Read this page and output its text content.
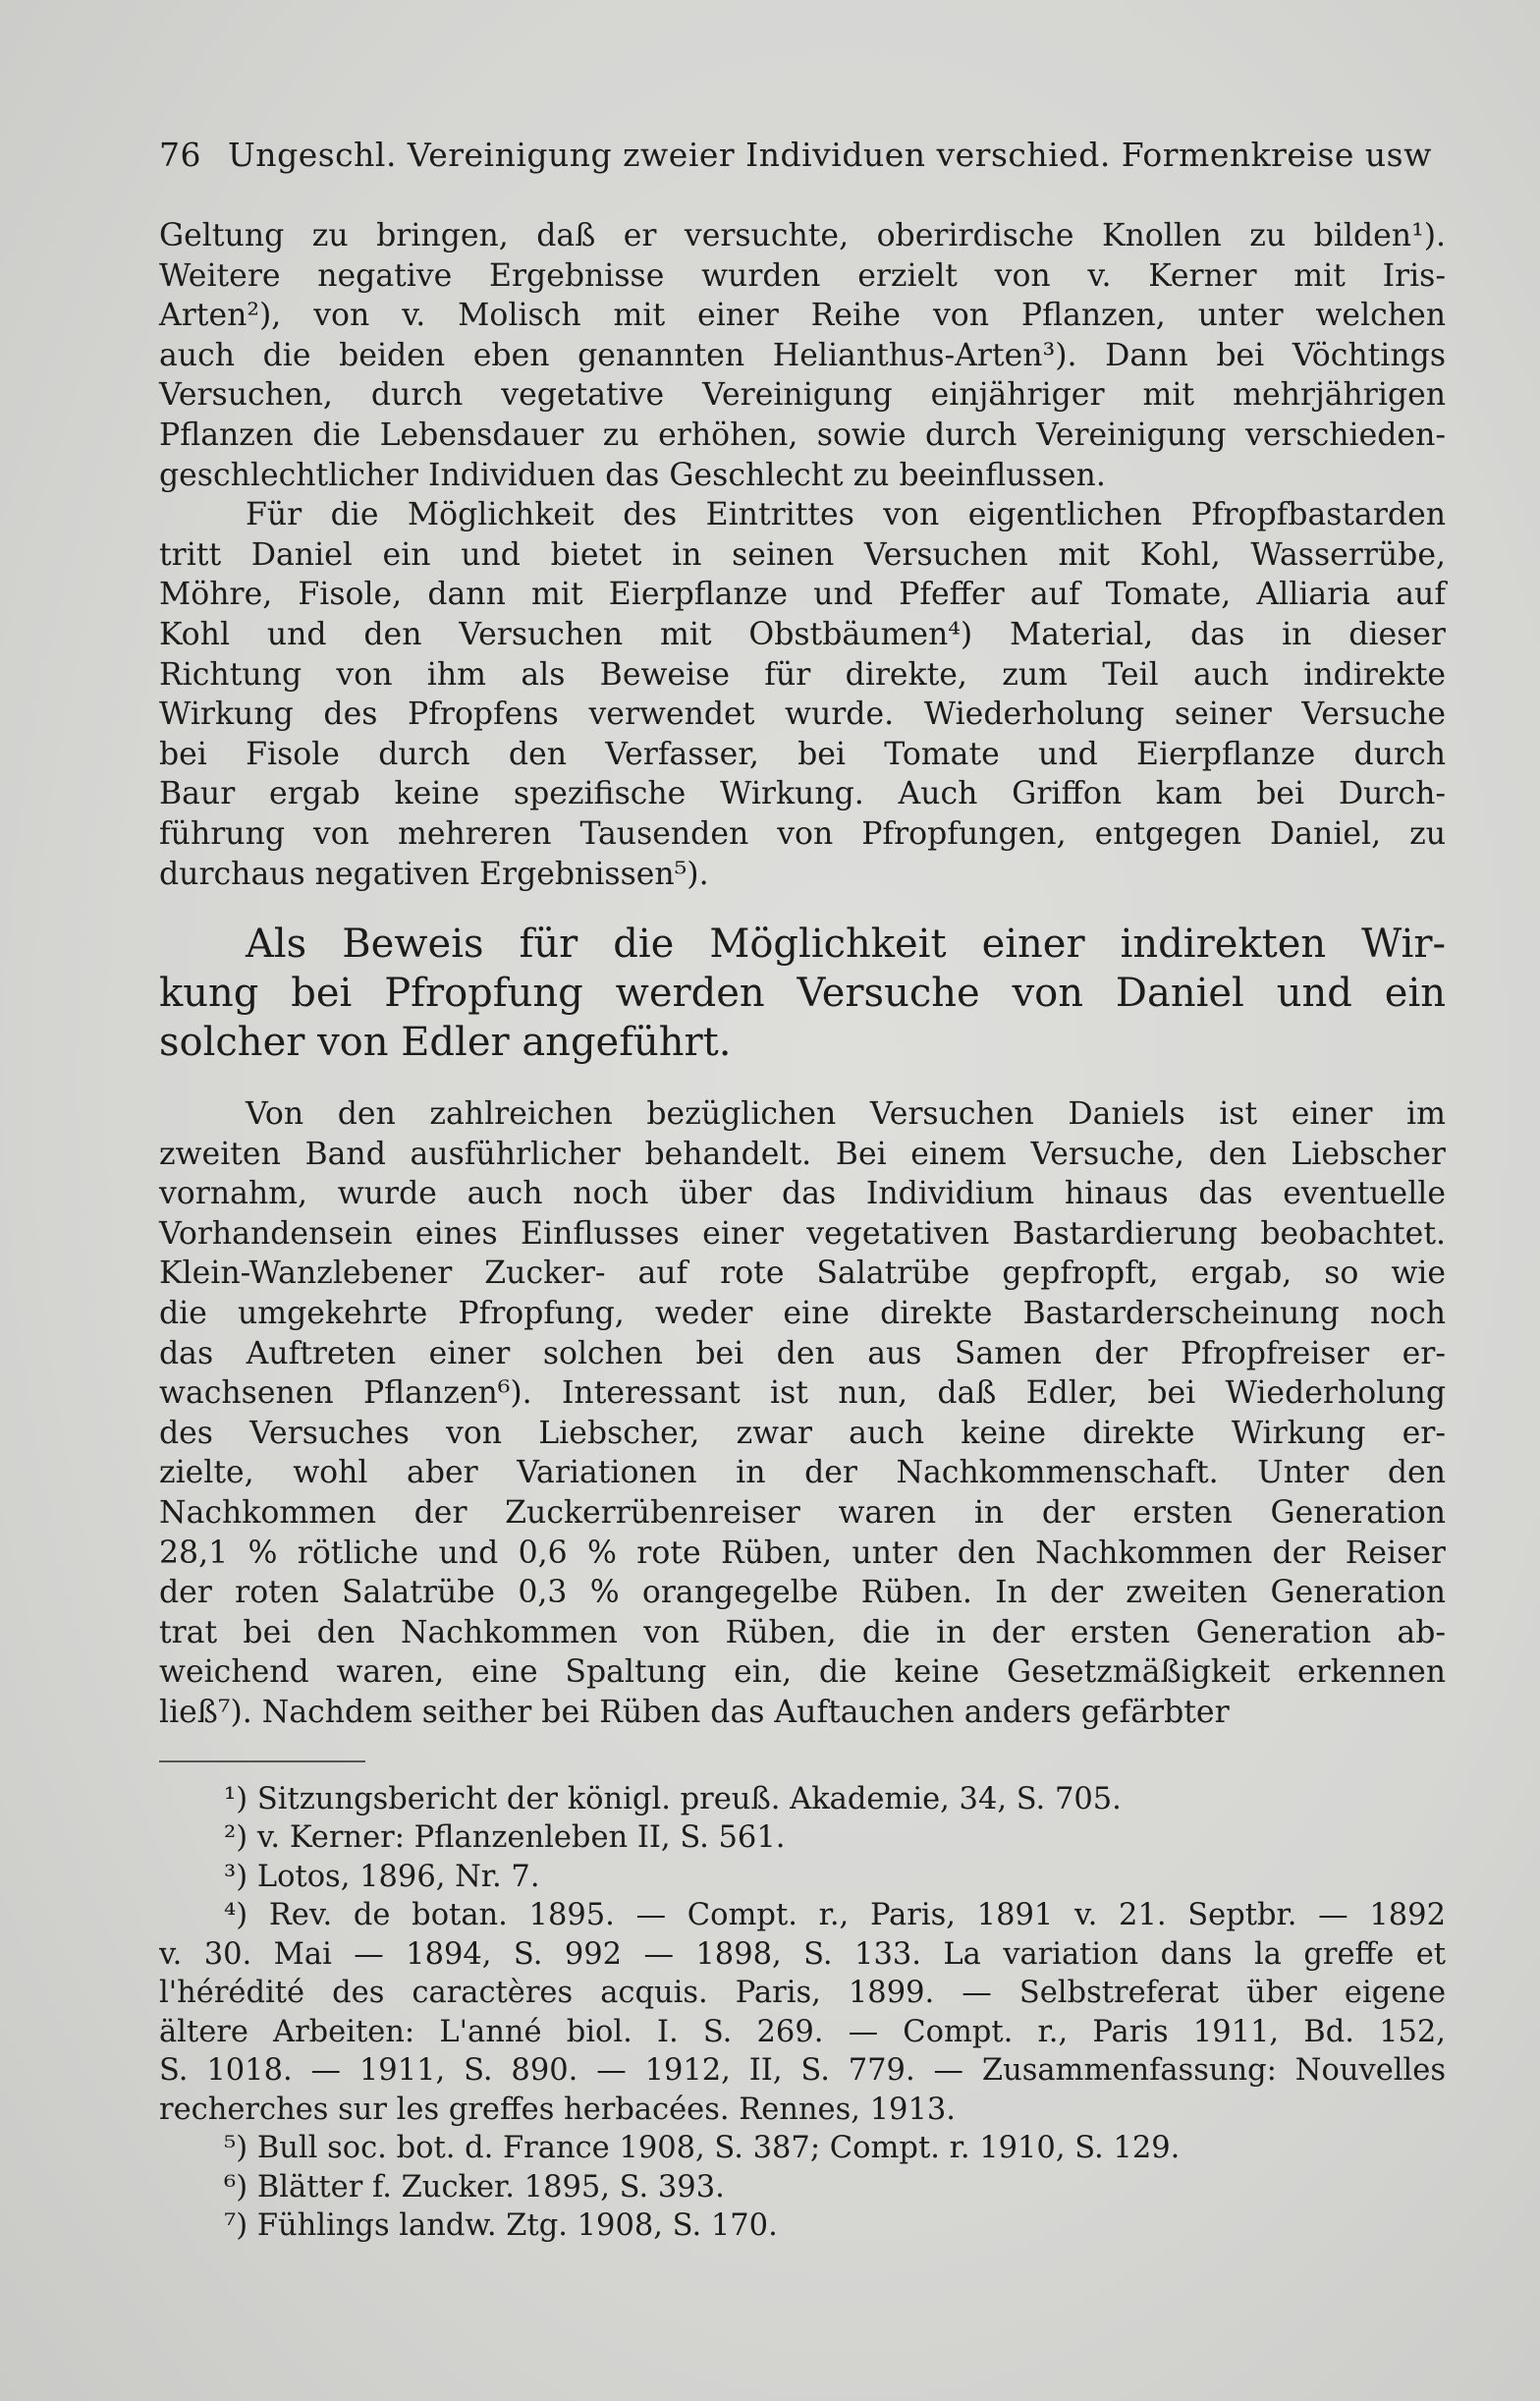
76 Ungeschl. Vereinigung zweier Individuen verschied. Formenkreise usw
Geltung zu bringen, daß er versuchte, oberirdische Knollen zu bilden¹).
Weitere negative Ergebnisse wurden erzielt von v. Kerner mit Iris-
Arten²), von v. Molisch mit einer Reihe von Pflanzen, unter welchen
auch die beiden eben genannten Helianthus-Arten³). Dann bei Vöchtings
Versuchen, durch vegetative Vereinigung einjähriger mit mehrjährigen
Pflanzen die Lebensdauer zu erhöhen, sowie durch Vereinigung verschieden-
geschlechtlicher Individuen das Geschlecht zu beeinflussen.
Für die Möglichkeit des Eintrittes von eigentlichen Pfropfbastarden
tritt Daniel ein und bietet in seinen Versuchen mit Kohl, Wasserrübe,
Möhre, Fisole, dann mit Eierpflanze und Pfeffer auf Tomate, Alliaria auf
Kohl und den Versuchen mit Obstbäumen⁴) Material, das in dieser
Richtung von ihm als Beweise für direkte, zum Teil auch indirekte
Wirkung des Pfropfens verwendet wurde. Wiederholung seiner Versuche
bei Fisole durch den Verfasser, bei Tomate und Eierpflanze durch
Baur ergab keine spezifische Wirkung. Auch Griffon kam bei Durch-
führung von mehreren Tausenden von Pfropfungen, entgegen Daniel, zu
durchaus negativen Ergebnissen⁵).
Als Beweis für die Möglichkeit einer indirekten Wir-
kung bei Pfropfung werden Versuche von Daniel und ein
solcher von Edler angeführt.
Von den zahlreichen bezüglichen Versuchen Daniels ist einer im
zweiten Band ausführlicher behandelt. Bei einem Versuche, den Liebscher
vornahm, wurde auch noch über das Individium hinaus das eventuelle
Vorhandensein eines Einflusses einer vegetativen Bastardierung beobachtet.
Klein-Wanzlebener Zucker- auf rote Salatrübe gepfropft, ergab, so wie
die umgekehrte Pfropfung, weder eine direkte Bastarderscheinung noch
das Auftreten einer solchen bei den aus Samen der Pfropfreiser er-
wachsenen Pflanzen⁶). Interessant ist nun, daß Edler, bei Wiederholung
des Versuches von Liebscher, zwar auch keine direkte Wirkung er-
zielte, wohl aber Variationen in der Nachkommenschaft. Unter den
Nachkommen der Zuckerrübenreiser waren in der ersten Generation
28,1 % rötliche und 0,6 % rote Rüben, unter den Nachkommen der Reiser
der roten Salatrübe 0,3 % orangegelbe Rüben. In der zweiten Generation
trat bei den Nachkommen von Rüben, die in der ersten Generation ab-
weichend waren, eine Spaltung ein, die keine Gesetzmäßigkeit erkennen
ließ⁷). Nachdem seither bei Rüben das Auftauchen anders gefärbter
¹) Sitzungsbericht der königl. preuß. Akademie, 34, S. 705.
²) v. Kerner: Pflanzenleben II, S. 561.
³) Lotos, 1896, Nr. 7.
⁴) Rev. de botan. 1895. — Compt. r., Paris, 1891 v. 21. Septbr. — 1892
v. 30. Mai — 1894, S. 992 — 1898, S. 133. La variation dans la greffe et
l'hérédité des caractères acquis. Paris, 1899. — Selbstreferat über eigene
ältere Arbeiten: L'anné biol. I. S. 269. — Compt. r., Paris 1911, Bd. 152,
S. 1018. — 1911, S. 890. — 1912, II, S. 779. — Zusammenfassung: Nouvelles
recherches sur les greffes herbacées. Rennes, 1913.
⁵) Bull soc. bot. d. France 1908, S. 387; Compt. r. 1910, S. 129.
⁶) Blätter f. Zucker. 1895, S. 393.
⁷) Fühlings landw. Ztg. 1908, S. 170.
